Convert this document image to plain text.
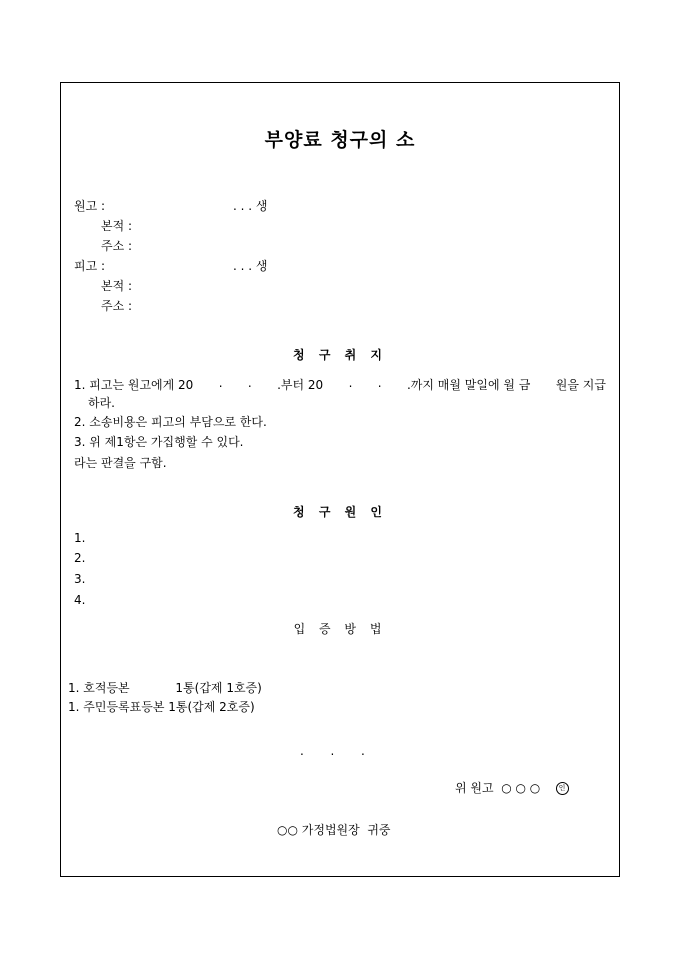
부양료 청구의 소
원고 :	. . . 생
본적 :
주소 :
피고 :	. . . 생
본적 :
주소 :
청 구 취 지
1. 피고는 원고에게 20 . . .부터 20 . . .까지 매월 말일에 월 금 원을 지급
하라.
2. 소송비용은 피고의 부담으로 한다.
3. 위 제1항은 가집행할 수 있다.
라는 판결을 구함.
청 구 원 인
1.
2.
3.
4.
입 증 방 법
1. 호적등본            1통(갑제 1호증)
1. 주민등록표등본 1통(갑제 2호증)
.       .       .
위 원고  ○ ○ ○	인
○○ 가정법원장  귀중
